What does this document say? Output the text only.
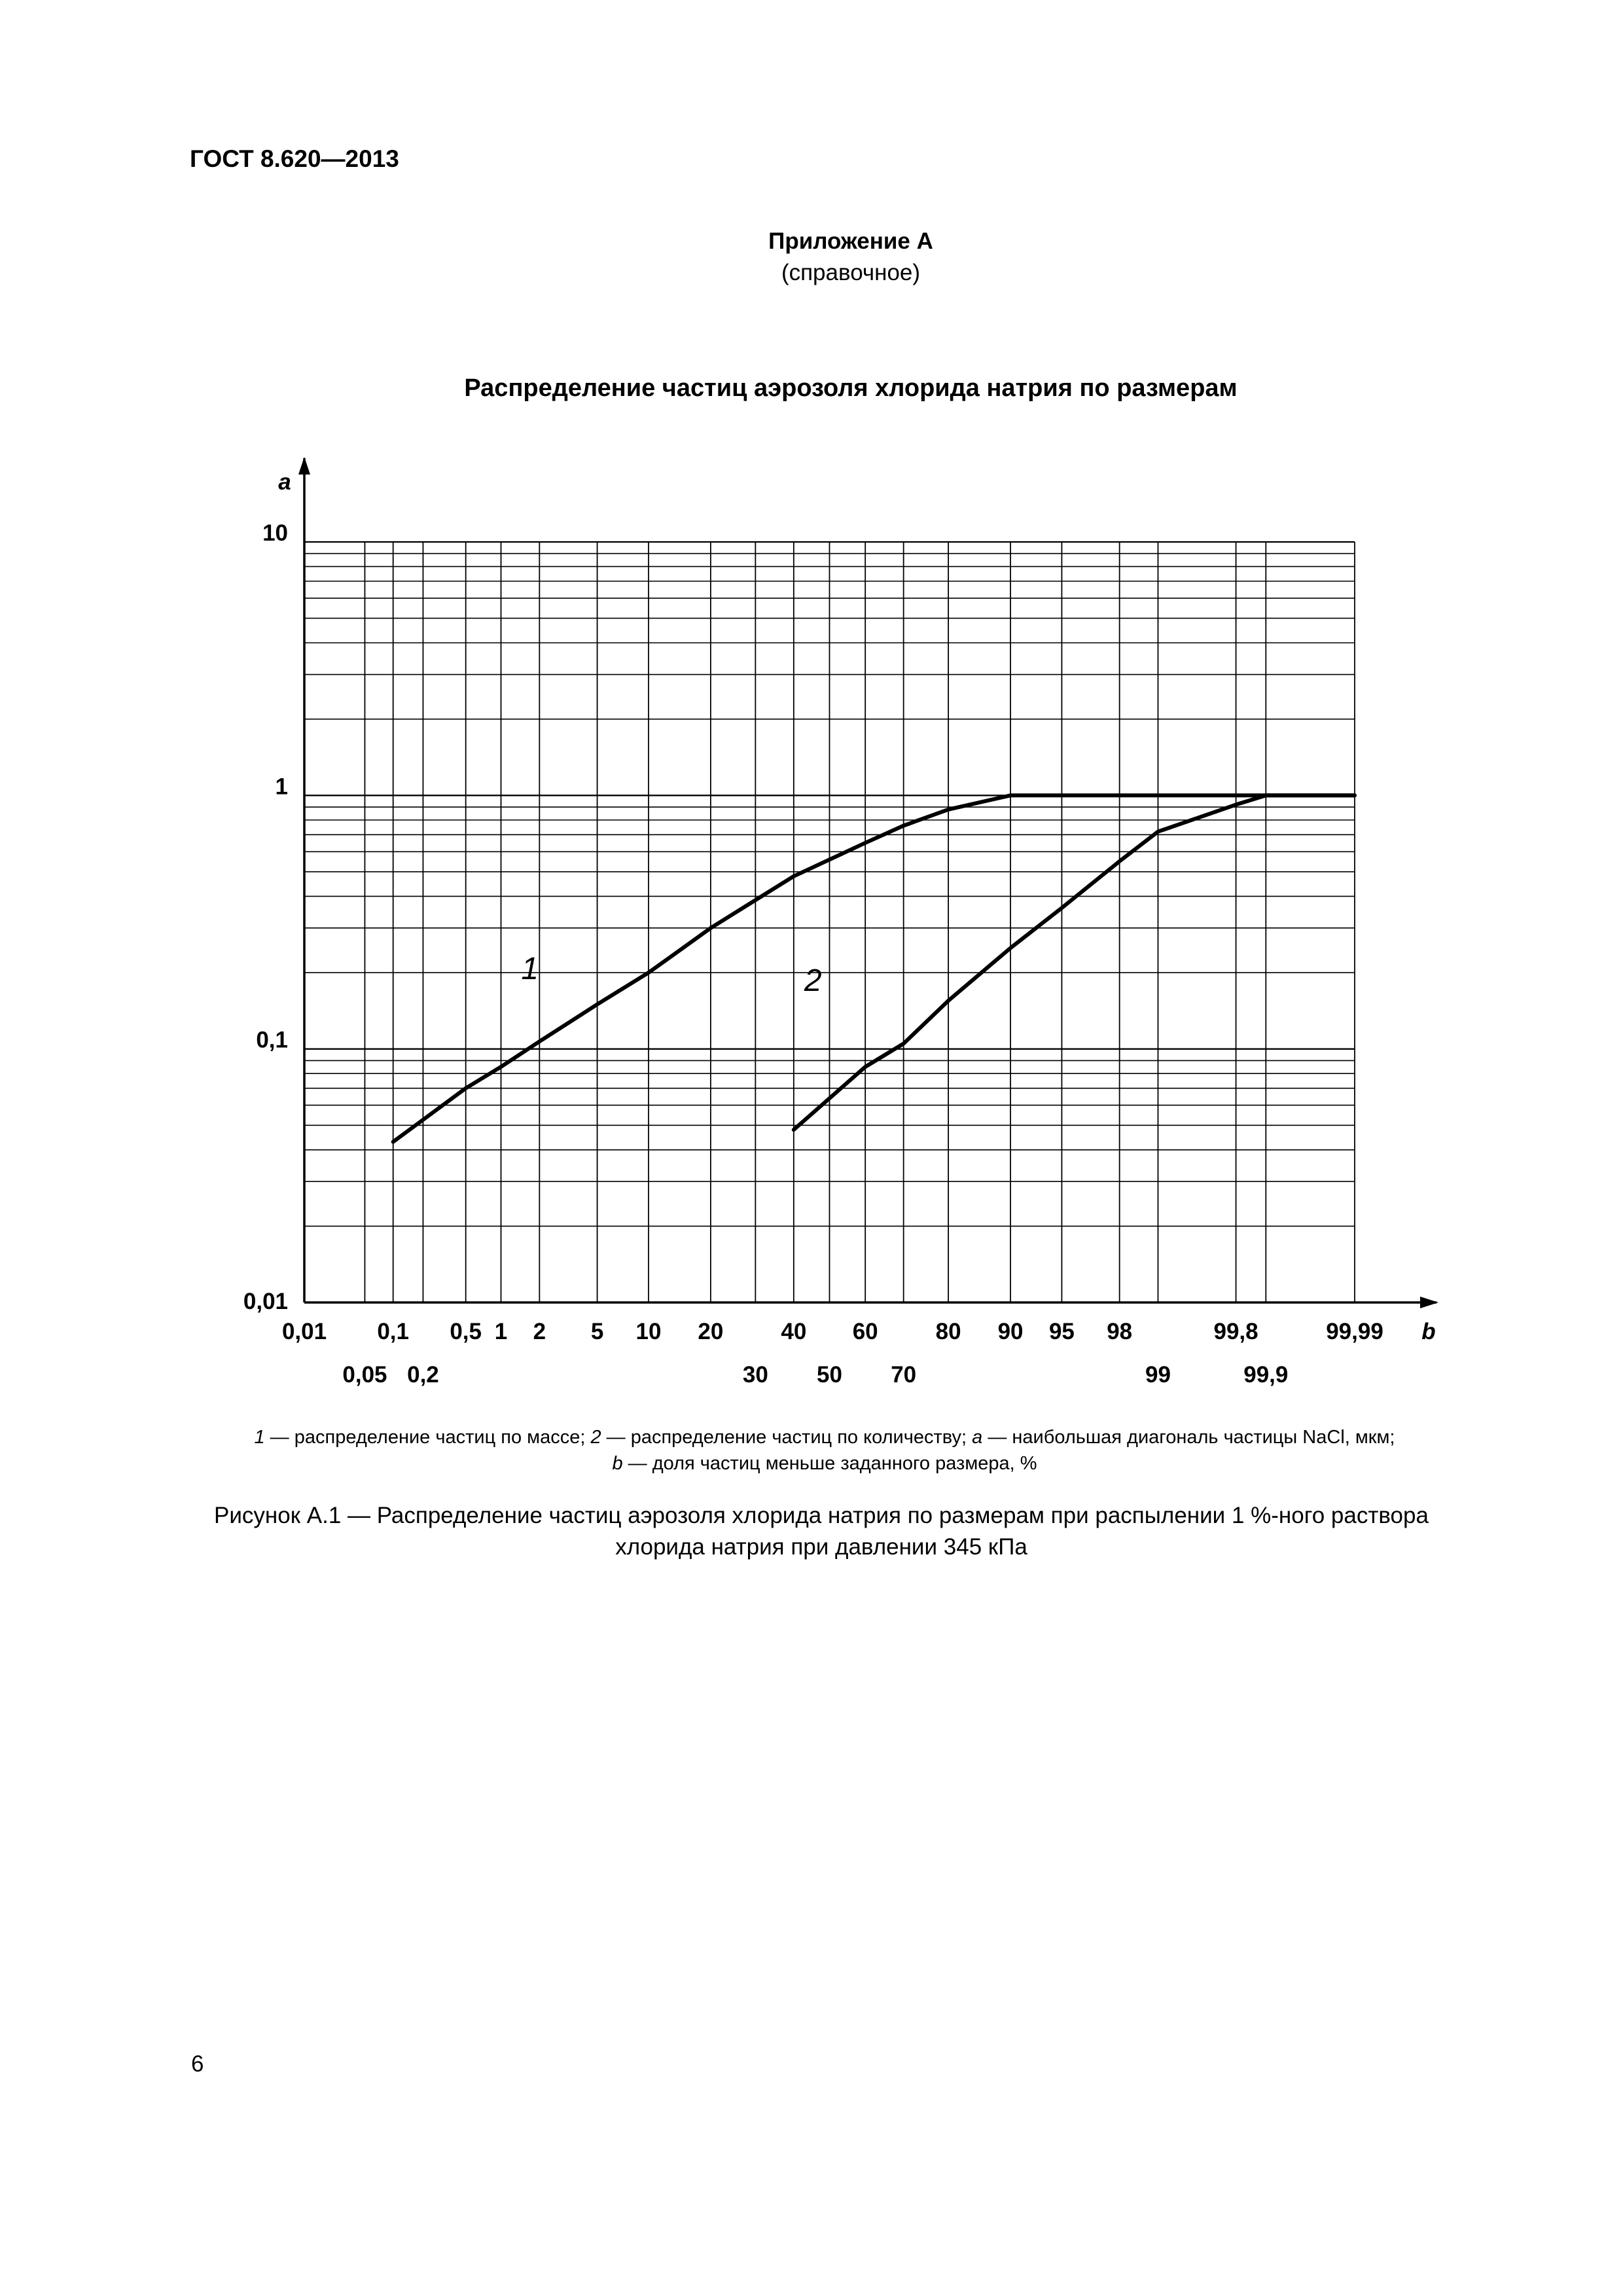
ГОСТ 8.620—2013
Приложение А
(справочное)
Распределение частиц аэрозоля хлорида натрия по размерам
a
b
10
1
0,1
0,01
0,01 0,1 0,5 1 2 5 10 20	40 60	80 90 95 98	99,8	99,99
0,05 0,2	30 50 70	99	99,9
1	2
1 — распределение частиц по массе; 2 — распределение частиц по количеству; a — наибольшая диагональ частицы NaCl, мкм;
b — доля частиц меньше заданного размера, %
Рисунок А.1 — Распределение частиц аэрозоля хлорида натрия по размерам при распылении 1 %-ного раствора
хлорида натрия при давлении 345 кПа
6
